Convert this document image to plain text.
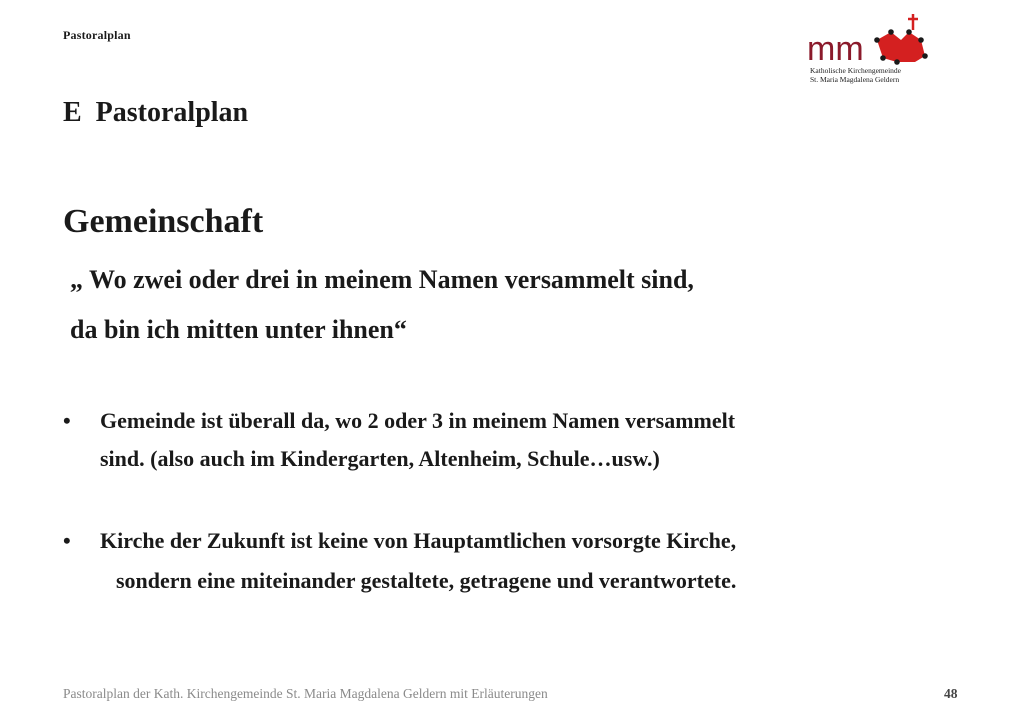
Pastoralplan	mm
Katholische Kirchengemeinde
St. Maria Magdalena Geldern
E  Pastoralplan
Gemeinschaft
„ Wo zwei oder drei in meinem Namen versammelt sind,
da bin ich mitten unter ihnen“
•	Gemeinde ist überall da, wo 2 oder 3 in meinem Namen versammelt
sind. (also auch im Kindergarten, Altenheim, Schule…usw.)
•	Kirche der Zukunft ist keine von Hauptamtlichen vorsorgte Kirche,
sondern eine miteinander gestaltete, getragene und verantwortete.
Pastoralplan der Kath. Kirchengemeinde St. Maria Magdalena Geldern mit Erläuterungen	48
